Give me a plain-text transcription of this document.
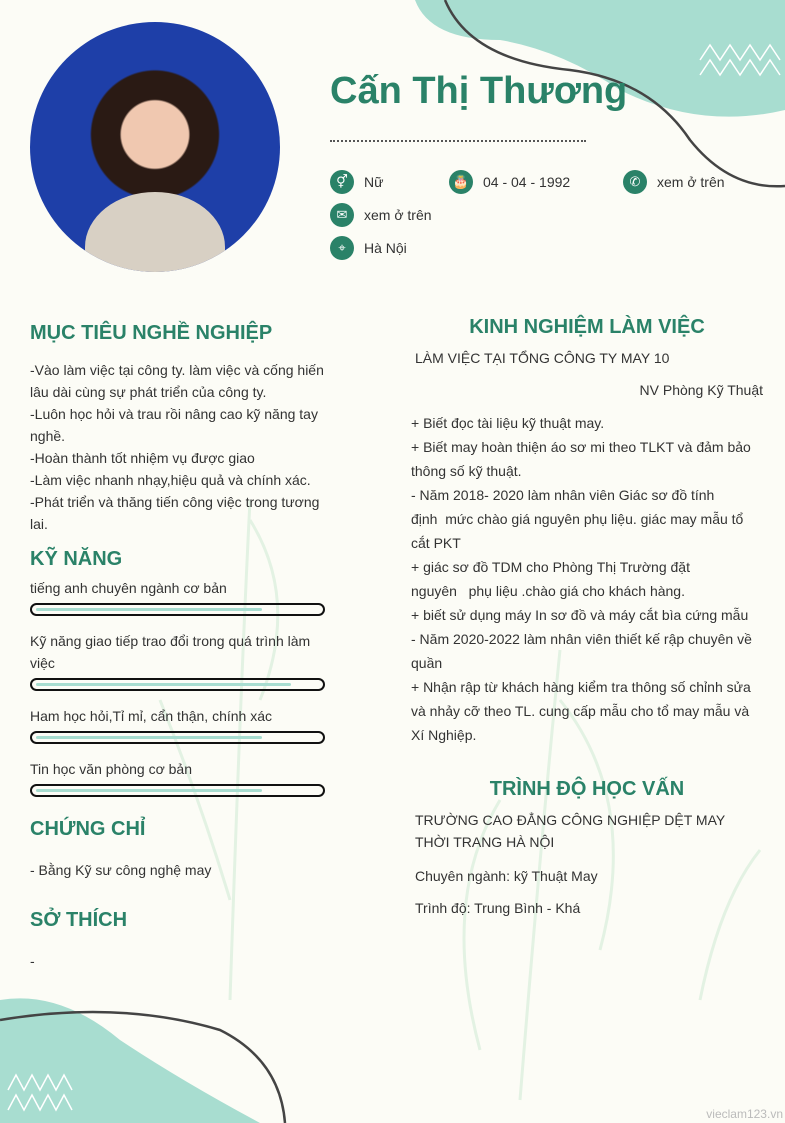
Cấn Thị Thương
⚥	Nữ	🎂 04 - 04 - 1992	✆	xem ở trên
✉	xem ở trên
⌖	Hà Nội
MỤC TIÊU NGHỀ NGHIỆP
-Vào làm việc tại công ty. làm việc và cống hiến lâu dài cùng sự phát triển của công ty.
-Luôn học hỏi và trau rồi nâng cao kỹ năng tay nghề.
-Hoàn thành tốt nhiệm vụ được giao
-Làm việc nhanh nhạy,hiệu quả và chính xác.
-Phát triển và thăng tiến công việc trong tương lai.
KỸ NĂNG
tiếng anh chuyên ngành cơ bản
Kỹ năng giao tiếp trao đổi trong quá trình làm việc
Ham học hỏi,Tỉ mỉ, cẩn thận, chính xác
Tin học văn phòng cơ bản
CHỨNG CHỈ
- Bằng Kỹ sư công nghệ may
SỞ THÍCH
-
KINH NGHIỆM LÀM VIỆC
LÀM VIỆC TẠI TỔNG CÔNG TY MAY 10
NV Phòng Kỹ Thuật
+ Biết đọc tài liệu kỹ thuật may.
+ Biết may hoàn thiện áo sơ mi theo TLKT và đảm bảo thông số kỹ thuật.
- Năm 2018- 2020 làm nhân viên Giác sơ đồ tính định  mức chào giá nguyên phụ liệu. giác may mẫu tổ cắt PKT
+ giác sơ đồ TDM cho Phòng Thị Trường đặt nguyên   phụ liệu .chào giá cho khách hàng.
+ biết sử dụng máy In sơ đồ và máy cắt bìa cứng mẫu
- Năm 2020-2022 làm nhân viên thiết kế rập chuyên về quần
+ Nhận rập từ khách hàng kiểm tra thông số chỉnh sửa và nhảy cỡ theo TL. cung cấp mẫu cho tổ may mẫu và Xí Nghiệp.
TRÌNH ĐỘ HỌC VẤN
TRƯỜNG CAO ĐẲNG CÔNG NGHIỆP DỆT MAY THỜI TRANG HÀ NỘI
Chuyên ngành: kỹ Thuật May
Trình độ: Trung Bình - Khá
vieclam123.vn
